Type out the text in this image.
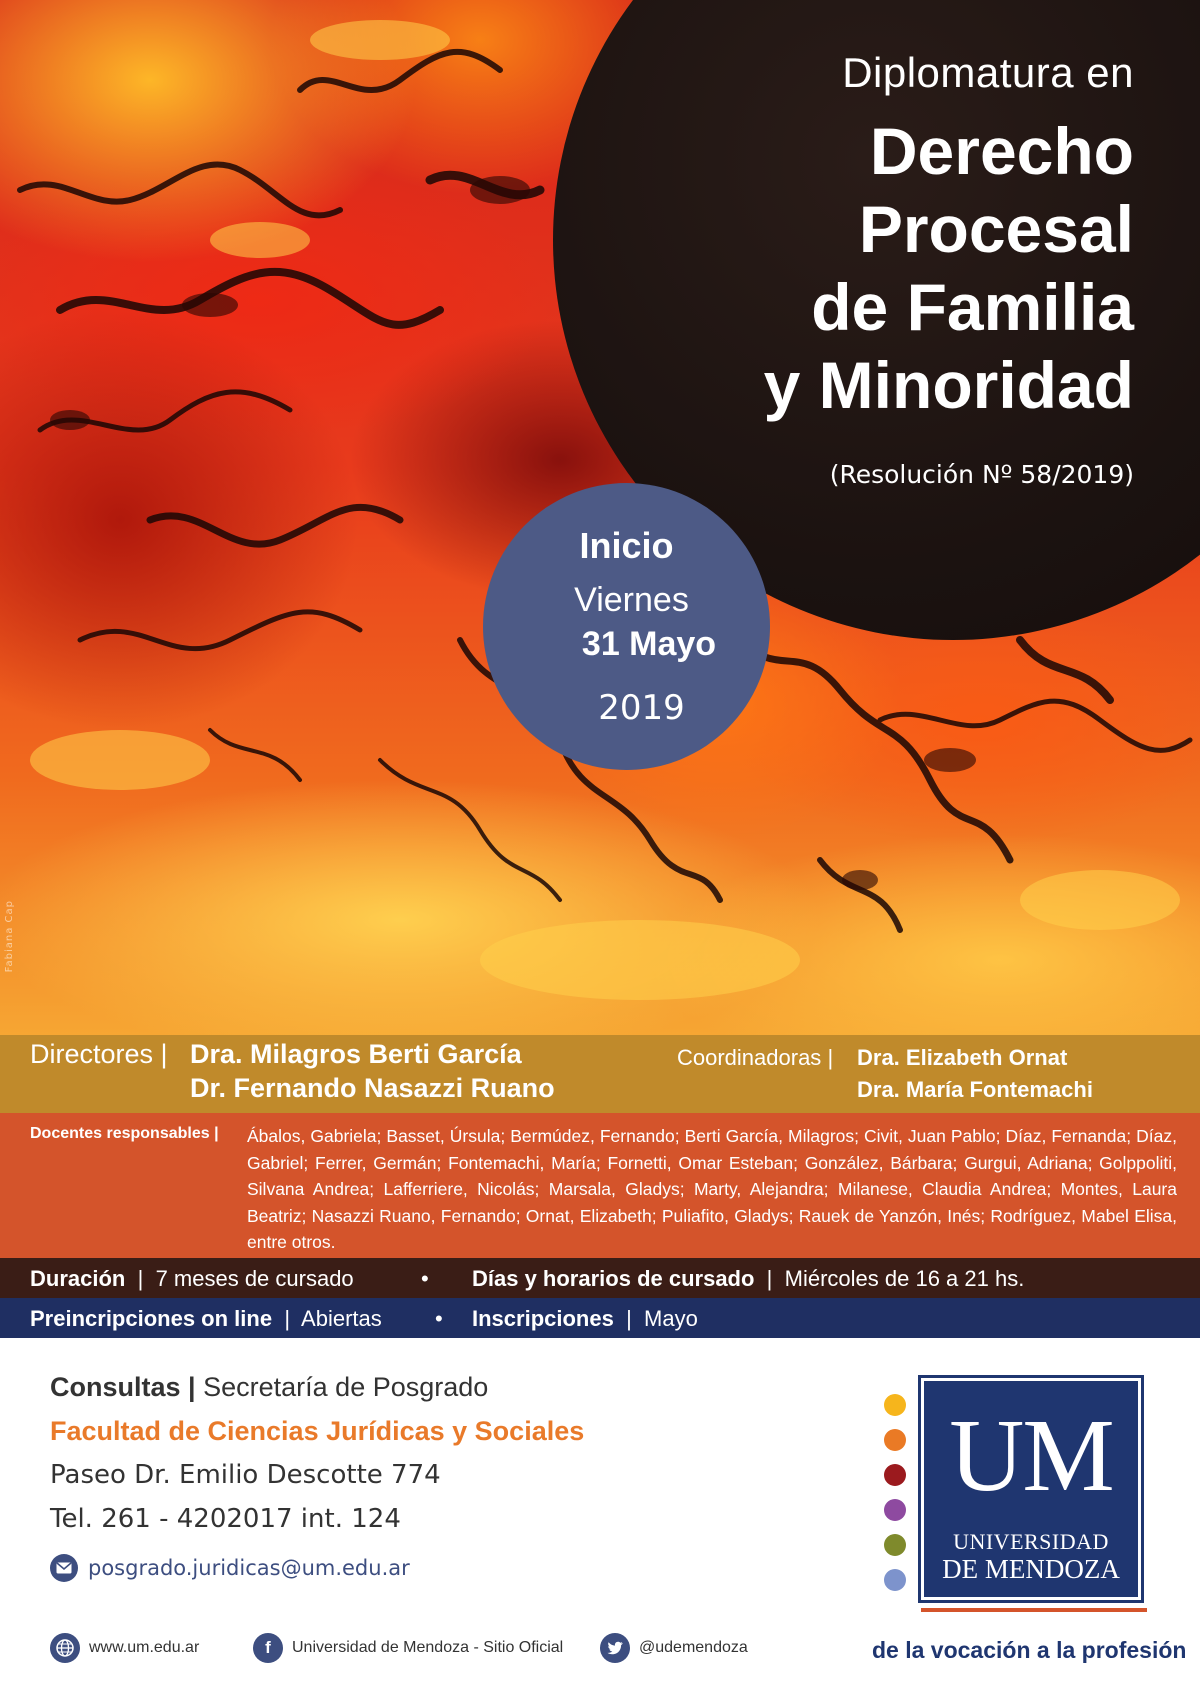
Fabiana Cap
Diplomatura en
Derecho
Procesal
de Familia
y Minoridad
(Resolución Nº 58/2019)
Inicio
Viernes
31 Mayo
2019
Directores | Dra. Milagros Berti García
Dr. Fernando Nasazzi Ruano
Coordinadoras | Dra. Elizabeth Ornat
Dra. María Fontemachi
Docentes responsables | Ábalos, Gabriela; Basset, Úrsula; Bermúdez, Fernando; Berti García, Milagros; Civit, Juan Pablo; Díaz, Fernanda; Díaz, Gabriel; Ferrer, Germán; Fontemachi, María; Fornetti, Omar Esteban; González, Bárbara; Gurgui, Adriana; Golppoliti, Silvana Andrea; Lafferriere, Nicolás; Marsala, Gladys; Marty, Alejandra; Milanese, Claudia Andrea; Montes, Laura Beatriz; Nasazzi Ruano, Fernando; Ornat, Elizabeth; Puliafito, Gladys; Rauek de Yanzón, Inés; Rodríguez, Mabel Elisa, entre otros.
Duración | 7 meses de cursado	• Días y horarios de cursado | Miércoles de 16 a 21 hs.
Preincripciones on line | Abiertas • Inscripciones | Mayo
Consultas | Secretaría de Posgrado
Facultad de Ciencias Jurídicas y Sociales
Paseo Dr. Emilio Descotte 774
Tel. 261 - 4202017 int. 124
posgrado.juridicas@um.edu.ar
www.um.edu.ar	f	Universidad de Mendoza - Sitio Oficial	@udemendoza
UM
UNIVERSIDAD
DE MENDOZA
de la vocación a la profesión
